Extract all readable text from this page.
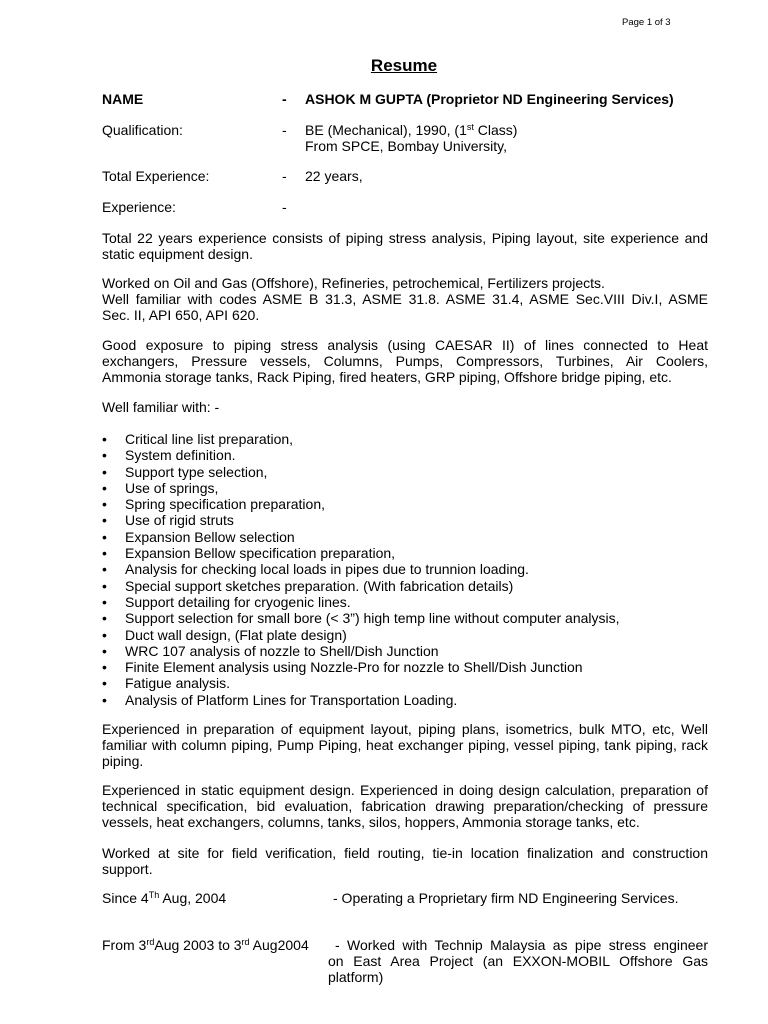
Page 1 of 3
Resume
NAME	- ASHOK M GUPTA (Proprietor ND Engineering Services)
Qualification:	- BE (Mechanical), 1990, (1st Class)
From SPCE, Bombay University,
Total Experience:	- 22 years,
Experience:	-
Total 22 years experience consists of piping stress analysis, Piping layout, site experience and
static equipment design.
Worked on Oil and Gas (Offshore), Refineries, petrochemical, Fertilizers projects.
Well familiar with codes ASME B 31.3, ASME 31.8. ASME 31.4, ASME Sec.VIII Div.I, ASME
Sec. II, API 650, API 620.
Good exposure to piping stress analysis (using CAESAR II) of lines connected to Heat
exchangers, Pressure vessels, Columns, Pumps, Compressors, Turbines, Air Coolers,
Ammonia storage tanks, Rack Piping, fired heaters, GRP piping, Offshore bridge piping, etc.
Well familiar with: -
• Critical line list preparation,
• System definition.
• Support type selection,
• Use of springs,
• Spring specification preparation,
• Use of rigid struts
• Expansion Bellow selection
• Expansion Bellow specification preparation,
• Analysis for checking local loads in pipes due to trunnion loading.
• Special support sketches preparation. (With fabrication details)
• Support detailing for cryogenic lines.
• Support selection for small bore (< 3”) high temp line without computer analysis,
• Duct wall design, (Flat plate design)
• WRC 107 analysis of nozzle to Shell/Dish Junction
• Finite Element analysis using Nozzle-Pro for nozzle to Shell/Dish Junction
• Fatigue analysis.
• Analysis of Platform Lines for Transportation Loading.
Experienced in preparation of equipment layout, piping plans, isometrics, bulk MTO, etc, Well
familiar with column piping, Pump Piping, heat exchanger piping, vessel piping, tank piping, rack
piping.
Experienced in static equipment design. Experienced in doing design calculation, preparation of
technical specification, bid evaluation, fabrication drawing preparation/checking of pressure
vessels, heat exchangers, columns, tanks, silos, hoppers, Ammonia storage tanks, etc.
Worked at site for field verification, field routing, tie-in location finalization and construction
support.
Since 4Th Aug, 2004	- Operating a Proprietary firm ND Engineering Services.
From 3rdAug 2003 to 3rd Aug2004	- Worked with Technip Malaysia as pipe stress engineer
on East Area Project (an EXXON-MOBIL Offshore Gas
platform)
